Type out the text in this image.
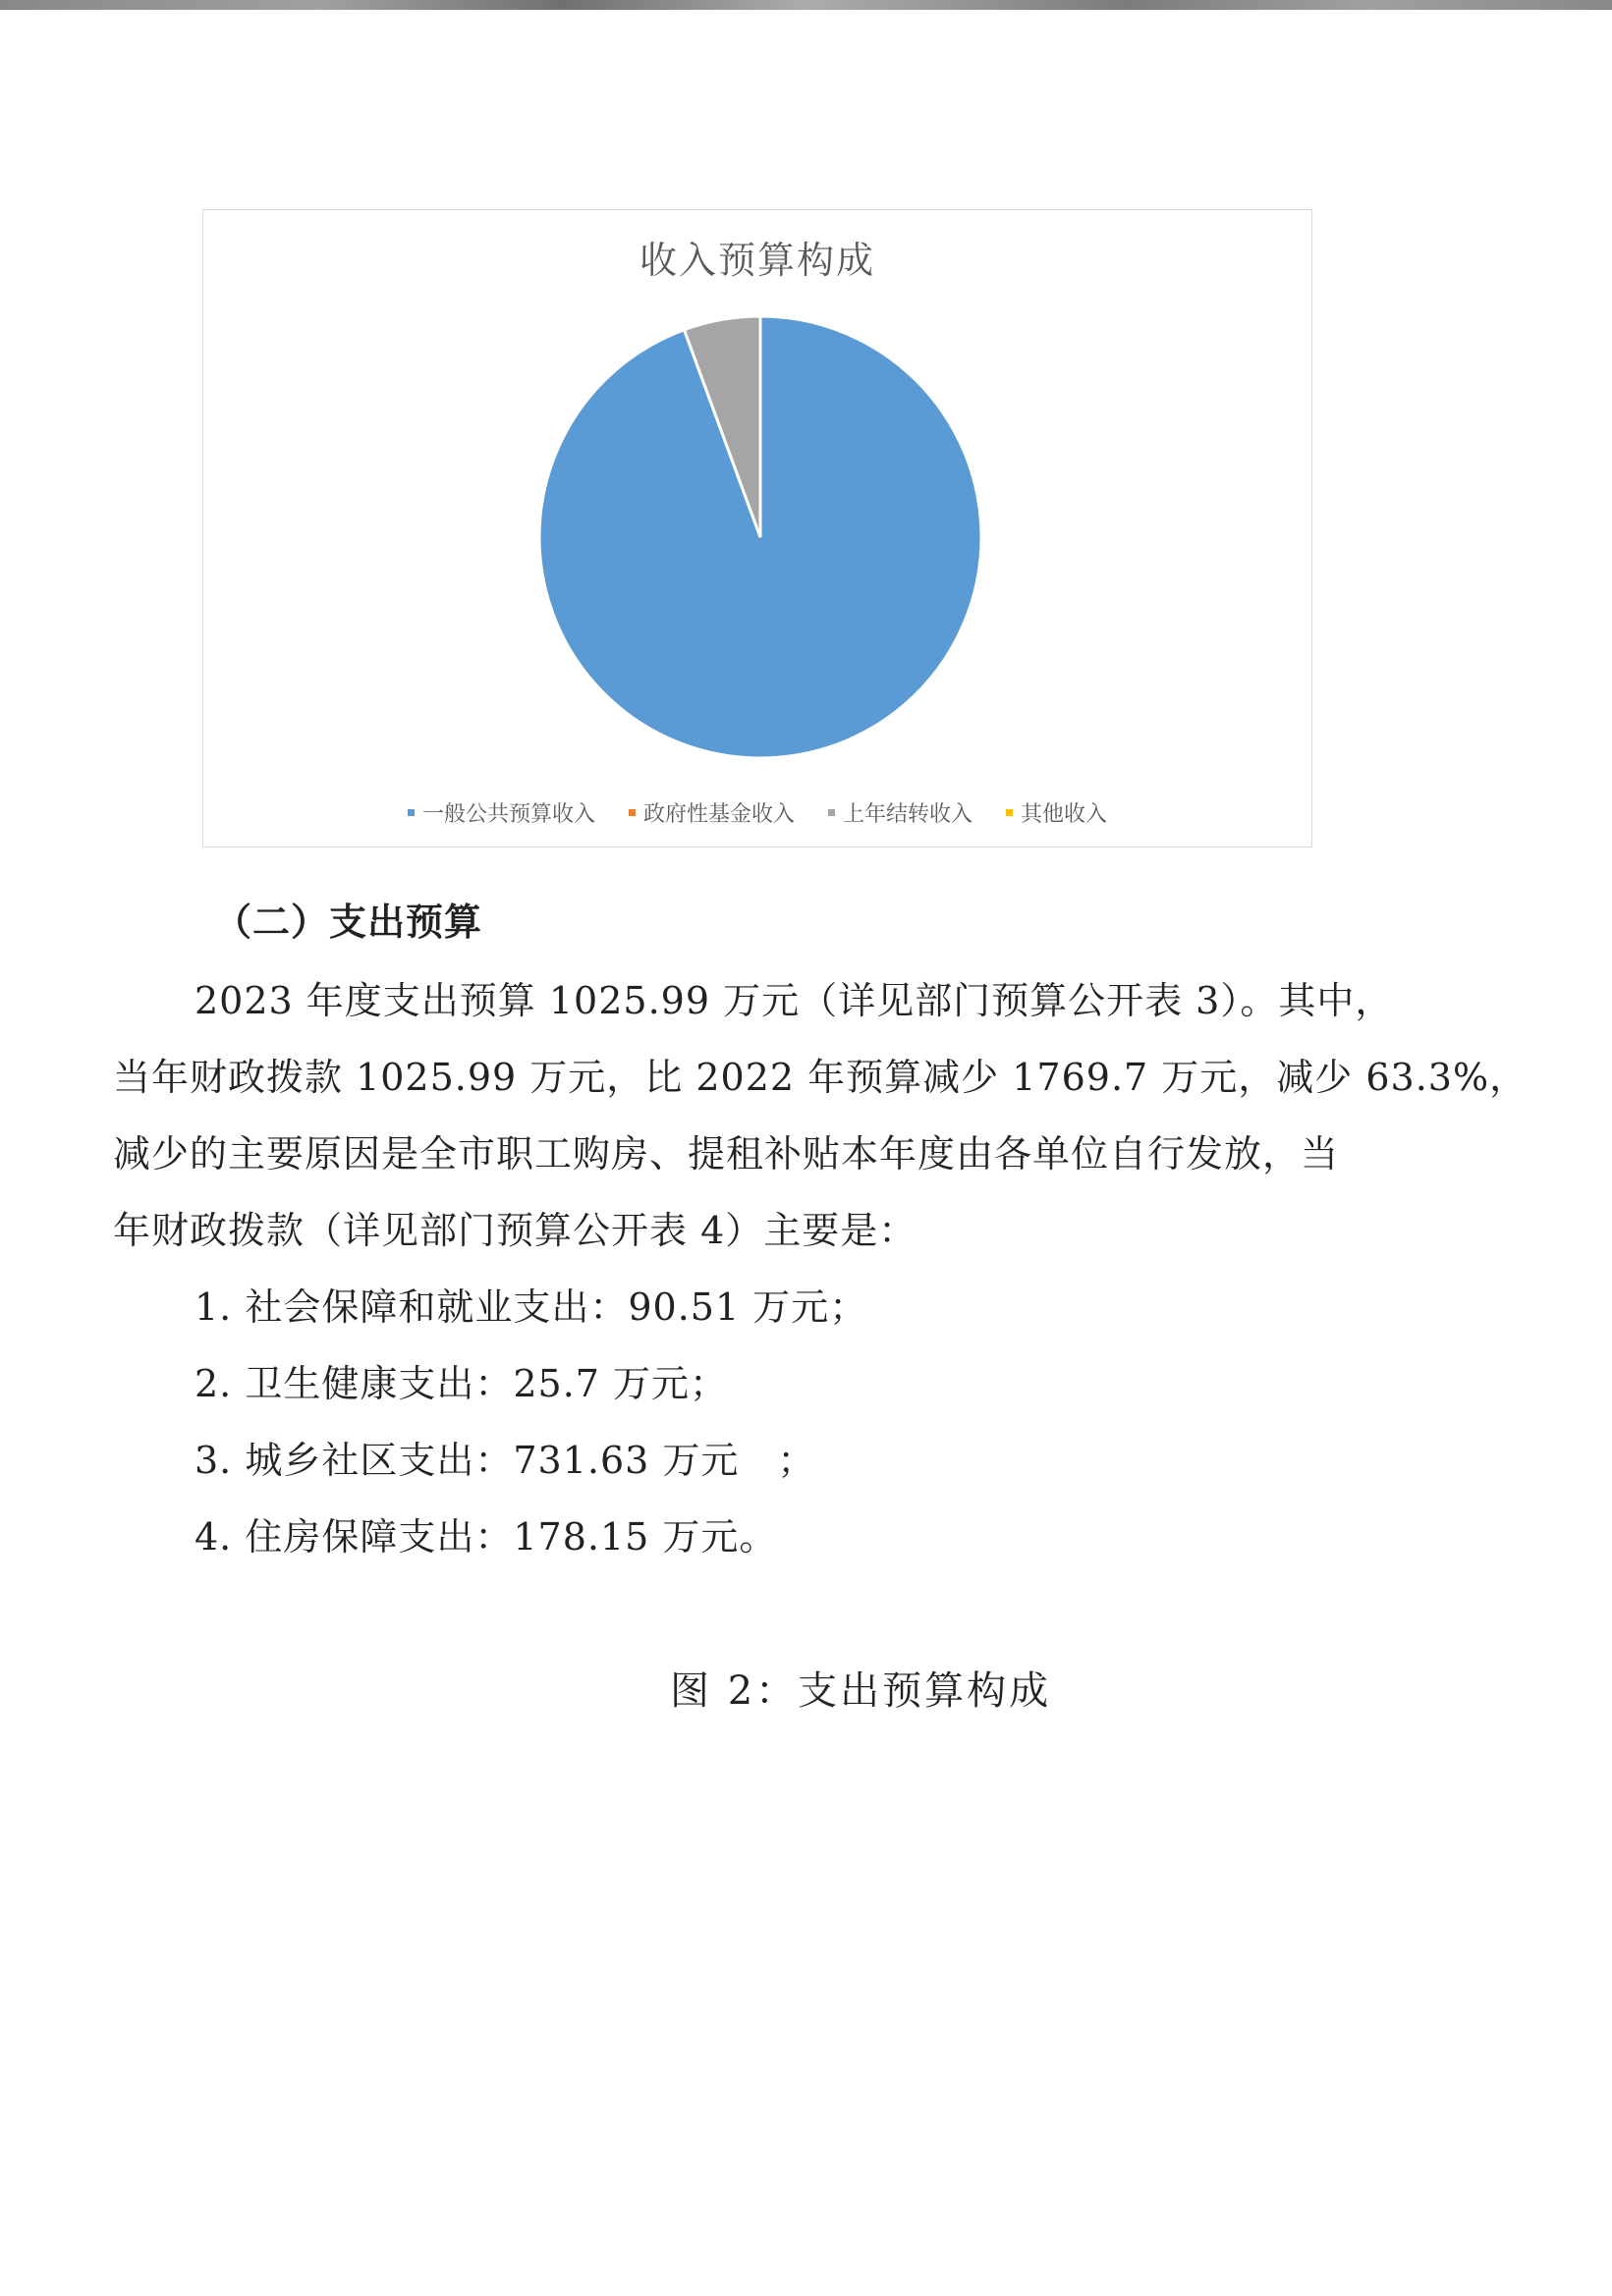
收入预算构成
一般公共预算收入 政府性基金收入 上年结转收入 其他收入
（二）支出预算
2023 年度支出预算 1025.99 万元（详见部门预算公开表 3）。其中，
当年财政拨款 1025.99 万元，比 2022 年预算减少 1769.7 万元，减少 63.3%，
减少的主要原因是全市职工购房、提租补贴本年度由各单位自行发放，当
年财政拨款（详见部门预算公开表 4）主要是：
1. 社会保障和就业支出：90.51 万元；
2. 卫生健康支出：25.7 万元；
3. 城乡社区支出：731.63 万元　；
4. 住房保障支出：178.15 万元。
图 2：支出预算构成
